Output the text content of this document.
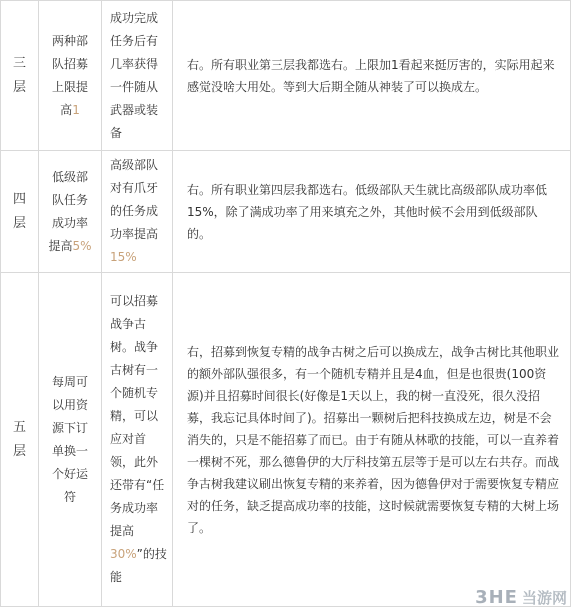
三层	两种部队招募上限提高1	成功完成任务后有几率获得一件随从武器或装备	右。所有职业第三层我都选右。上限加1看起来挺厉害的，实际用起来感觉没啥大用处。等到大后期全随从神装了可以换成左。

四层	低级部队任务成功率提高5%	高级部队对有爪牙的任务成功率提高15%	右。所有职业第四层我都选右。低级部队天生就比高级部队成功率低15%，除了满成功率了用来填充之外，其他时候不会用到低级部队的。

五层	每周可以用资源下订单换一个好运符	可以招募战争古树。战争古树有一个随机专精，可以应对首领，此外还带有“任务成功率提高30%”的技能	右，招募到恢复专精的战争古树之后可以换成左，战争古树比其他职业的额外部队强很多，有一个随机专精并且是4血，但是也很贵(100资源)并且招募时间很长(好像是1天以上，我的树一直没死，很久没招募，我忘记具体时间了)。招募出一颗树后把科技换成左边，树是不会消失的，只是不能招募了而已。由于有随从林歌的技能，可以一直养着一棵树不死，那么德鲁伊的大厅科技第五层等于是可以左右共存。而战争古树我建议刷出恢复专精的来养着，因为德鲁伊对于需要恢复专精应对的任务，缺乏提高成功率的技能，这时候就需要恢复专精的大树上场了。
3HE 当游网
